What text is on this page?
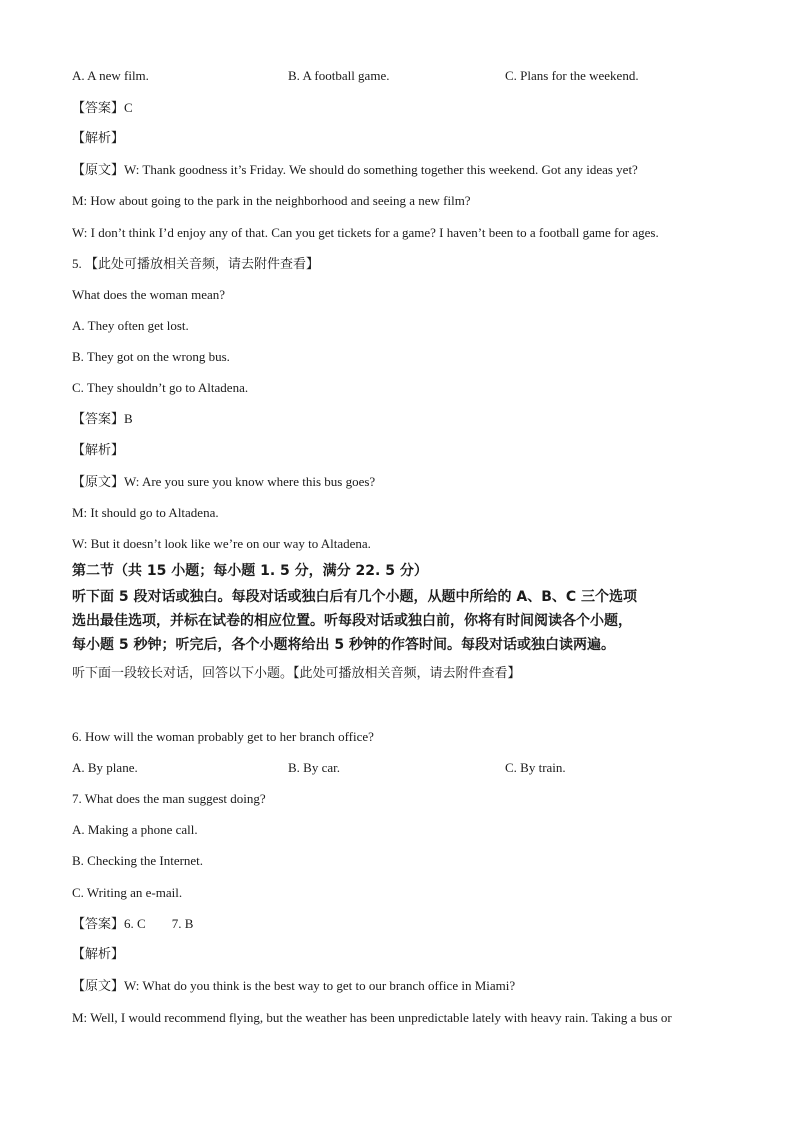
A. A new film.	B. A football game.	C. Plans for the weekend.
【答案】C
【解析】
【原文】W: Thank goodness it’s Friday. We should do something together this weekend. Got any ideas yet?
M: How about going to the park in the neighborhood and seeing a new film?
W: I don’t think I’d enjoy any of that. Can you get tickets for a game? I haven’t been to a football game for ages.
5. 【此处可播放相关音频，请去附件查看】
What does the woman mean?
A. They often get lost.
B. They got on the wrong bus.
C. They shouldn’t go to Altadena.
【答案】B
【解析】
【原文】W: Are you sure you know where this bus goes?
M: It should go to Altadena.
W: But it doesn’t look like we’re on our way to Altadena.
第二节（共 15 小题；每小题 1. 5 分，满分 22. 5 分）
听下面 5 段对话或独白。每段对话或独白后有几个小题，从题中所给的 A、B、C 三个选项
选出最佳选项，并标在试卷的相应位置。听每段对话或独白前，你将有时间阅读各个小题，
每小题 5 秒钟；听完后，各个小题将给出 5 秒钟的作答时间。每段对话或独白读两遍。
听下面一段较长对话，回答以下小题。【此处可播放相关音频，请去附件查看】
6. How will the woman probably get to her branch office?
A. By plane.	B. By car.	C. By train.
7. What does the man suggest doing?
A. Making a phone call.
B. Checking the Internet.
C. Writing an e-mail.
【答案】6. C 7. B
【解析】
【原文】W: What do you think is the best way to get to our branch office in Miami?
M: Well, I would recommend flying, but the weather has been unpredictable lately with heavy rain. Taking a bus or
